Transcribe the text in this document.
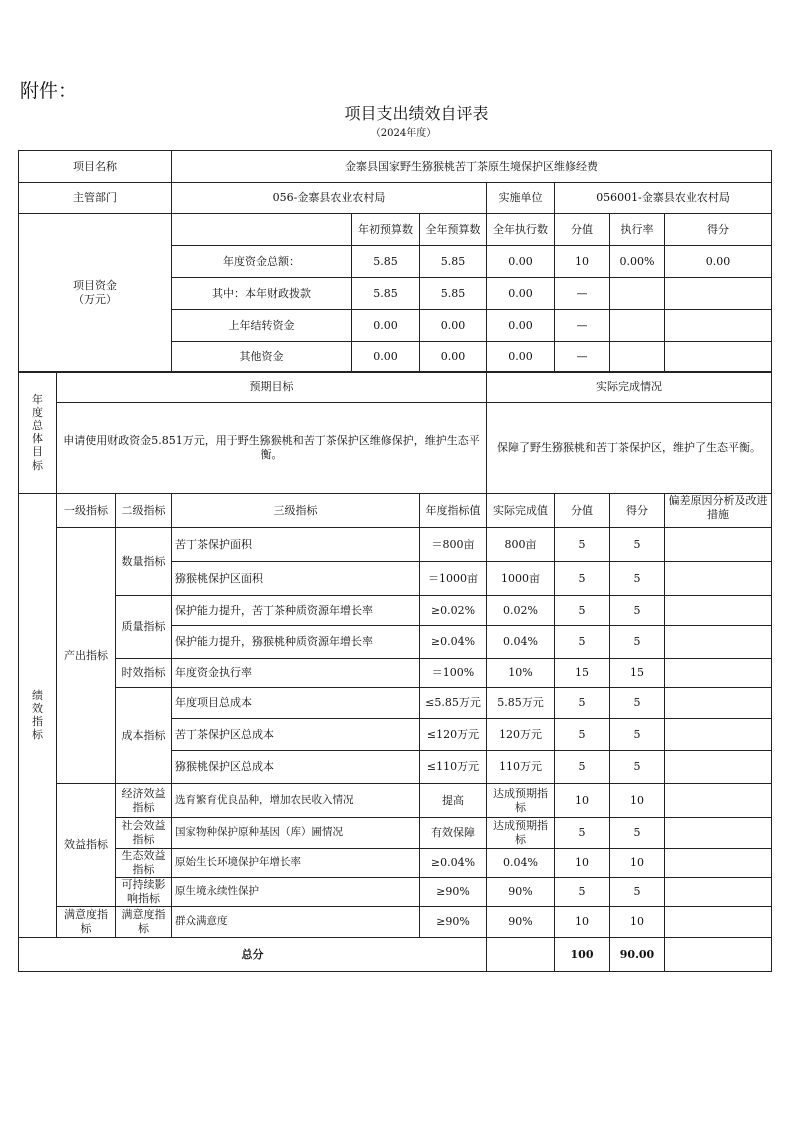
附件：
项目支出绩效自评表
（2024年度）
项目名称	金寨县国家野生猕猴桃苦丁茶原生境保护区维修经费						
主管部门	056-金寨县农业农村局			实施单位	056001-金寨县农业农村局		

项目资金
（万元）		年初预算数	全年预算数	全年执行数	分值	执行率	得分
	年度资金总额：	5.85	5.85	0.00	10	0.00%	0.00
	其中：本年财政拨款	5.85	5.85	0.00	—		
	上年结转资金	0.00	0.00	0.00	—		
	其他资金	0.00	0.00	0.00	—		
年度总体目标	预期目标	实际完成情况
	申请使用财政资金5.851万元，用于野生猕猴桃和苦丁茶保护区维修保护，维护生态平衡。	保障了野生猕猴桃和苦丁茶保护区，维护了生态平衡。
绩效指标	一级指标	二级指标	三级指标	年度指标值	实际完成值	分值	得分	偏差原因分析及改进措施
	产出指标	数量指标	苦丁茶保护面积	＝800亩	800亩	5	5	
			猕猴桃保护区面积	＝1000亩	1000亩	5	5	
		质量指标	保护能力提升，苦丁茶种质资源年增长率	≥0.02%	0.02%	5	5	
			保护能力提升，猕猴桃种质资源年增长率	≥0.04%	0.04%	5	5	
		时效指标	年度资金执行率	＝100%	10%	15	15	
		成本指标	年度项目总成本	≤5.85万元	5.85万元	5	5	
			苦丁茶保护区总成本	≤120万元	120万元	5	5	
			猕猴桃保护区总成本	≤110万元	110万元	5	5	
	效益指标	经济效益指标	选育繁育优良品种，增加农民收入情况	提高	达成预期指标	10	10	
		社会效益指标	国家物种保护原种基因（库）圃情况	有效保障	达成预期指标	5	5	
		生态效益指标	原始生长环境保护年增长率	≥0.04%	0.04%	10	10	
		可持续影响指标	原生境永续性保护	≥90%	90%	5	5	
	满意度指标	满意度指标	群众满意度	≥90%	90%	10	10	
总分						100	90.00	
